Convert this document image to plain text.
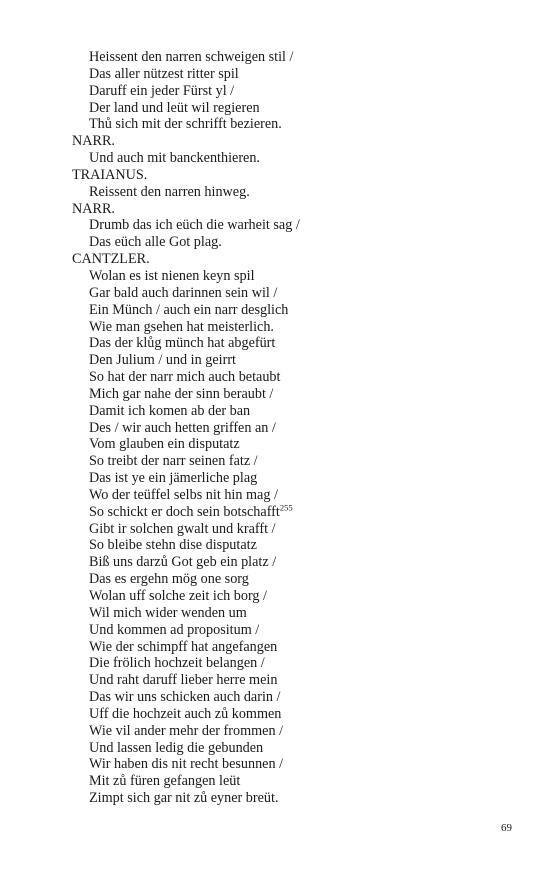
Heissent den narren schweigen stil /
Das aller nützest ritter spil
Daruff ein jeder Fürst yl /
Der land und leüt wil regieren
Thů sich mit der schrifft bezieren.
NARR.
Und auch mit banckenthieren.
TRAIANUS.
Reissent den narren hinweg.
NARR.
Drumb das ich eüch die warheit sag /
Das eüch alle Got plag.
CANTZLER.
Wolan es ist nienen keyn spil
Gar bald auch darinnen sein wil /
Ein Münch / auch ein narr desglich
Wie man gsehen hat meisterlich.
Das der klůg münch hat abgefürt
Den Julium / und in geirrt
So hat der narr mich auch betaubt
Mich gar nahe der sinn beraubt /
Damit ich komen ab der ban
Des / wir auch hetten griffen an /
Vom glauben ein disputatz
So treibt der narr seinen fatz /
Das ist ye ein jämerliche plag
Wo der teüffel selbs nit hin mag /
So schickt er doch sein botschafft$^{255}$
Gibt ir solchen gwalt und krafft /
So bleibe stehn dise disputatz
Biß uns darzů Got geb ein platz /
Das es ergehn mög one sorg
Wolan uff solche zeit ich borg /
Wil mich wider wenden um
Und kommen ad propositum /
Wie der schimpff hat angefangen
Die frölich hochzeit belangen /
Und raht daruff lieber herre mein
Das wir uns schicken auch darin /
Uff die hochzeit auch zů kommen
Wie vil ander mehr der frommen /
Und lassen ledig die gebunden
Wir haben dis nit recht besunnen /
Mit zů füren gefangen leüt
Zimpt sich gar nit zů eyner breüt.
69
